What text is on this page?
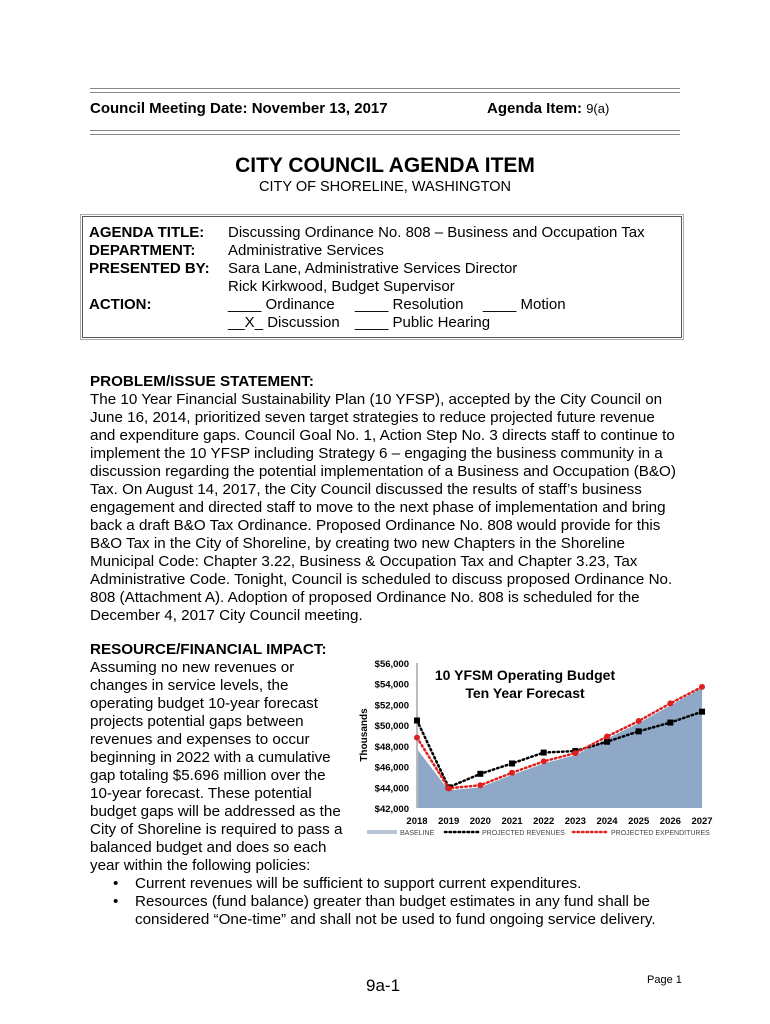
Council Meeting Date: November 13, 2017	Agenda Item: 9(a)
CITY COUNCIL AGENDA ITEM
CITY OF SHORELINE, WASHINGTON
AGENDA TITLE: Discussing Ordinance No. 808 – Business and Occupation Tax
DEPARTMENT: Administrative Services
PRESENTED BY: Sara Lane, Administrative Services Director
Rick Kirkwood, Budget Supervisor
ACTION:	____ Ordinance ____ Resolution ____ Motion
__X_ Discussion ____ Public Hearing
PROBLEM/ISSUE STATEMENT:
The 10 Year Financial Sustainability Plan (10 YFSP), accepted by the City Council on
June 16, 2014, prioritized seven target strategies to reduce projected future revenue
and expenditure gaps. Council Goal No. 1, Action Step No. 3 directs staff to continue to
implement the 10 YFSP including Strategy 6 – engaging the business community in a
discussion regarding the potential implementation of a Business and Occupation (B&O)
Tax. On August 14, 2017, the City Council discussed the results of staff’s business
engagement and directed staff to move to the next phase of implementation and bring
back a draft B&O Tax Ordinance. Proposed Ordinance No. 808 would provide for this
B&O Tax in the City of Shoreline, by creating two new Chapters in the Shoreline
Municipal Code: Chapter 3.22, Business & Occupation Tax and Chapter 3.23, Tax
Administrative Code. Tonight, Council is scheduled to discuss proposed Ordinance No.
808 (Attachment A). Adoption of proposed Ordinance No. 808 is scheduled for the
December 4, 2017 City Council meeting.
RESOURCE/FINANCIAL IMPACT:
Assuming no new revenues or
changes in service levels, the
operating budget 10-year forecast
projects potential gaps between
revenues and expenses to occur
beginning in 2022 with a cumulative
gap totaling $5.696 million over the
10-year forecast. These potential
budget gaps will be addressed as the
City of Shoreline is required to pass a
balanced budget and does so each
year within the following policies:
• Current revenues will be sufficient to support current expenditures.
• Resources (fund balance) greater than budget estimates in any fund shall be
considered “One-time” and shall not be used to fund ongoing service delivery.
$42,000
$44,000
$46,000
$48,000
$50,000
$52,000
$54,000
$56,000
2018 2019 2020 2021 2022 2023 2024 2025 2026 2027
Thousands
10 YFSM Operating Budget
Ten Year Forecast
BASELINE	PROJECTED REVENUES	PROJECTED EXPENDITURES
9a-1	Page 1
